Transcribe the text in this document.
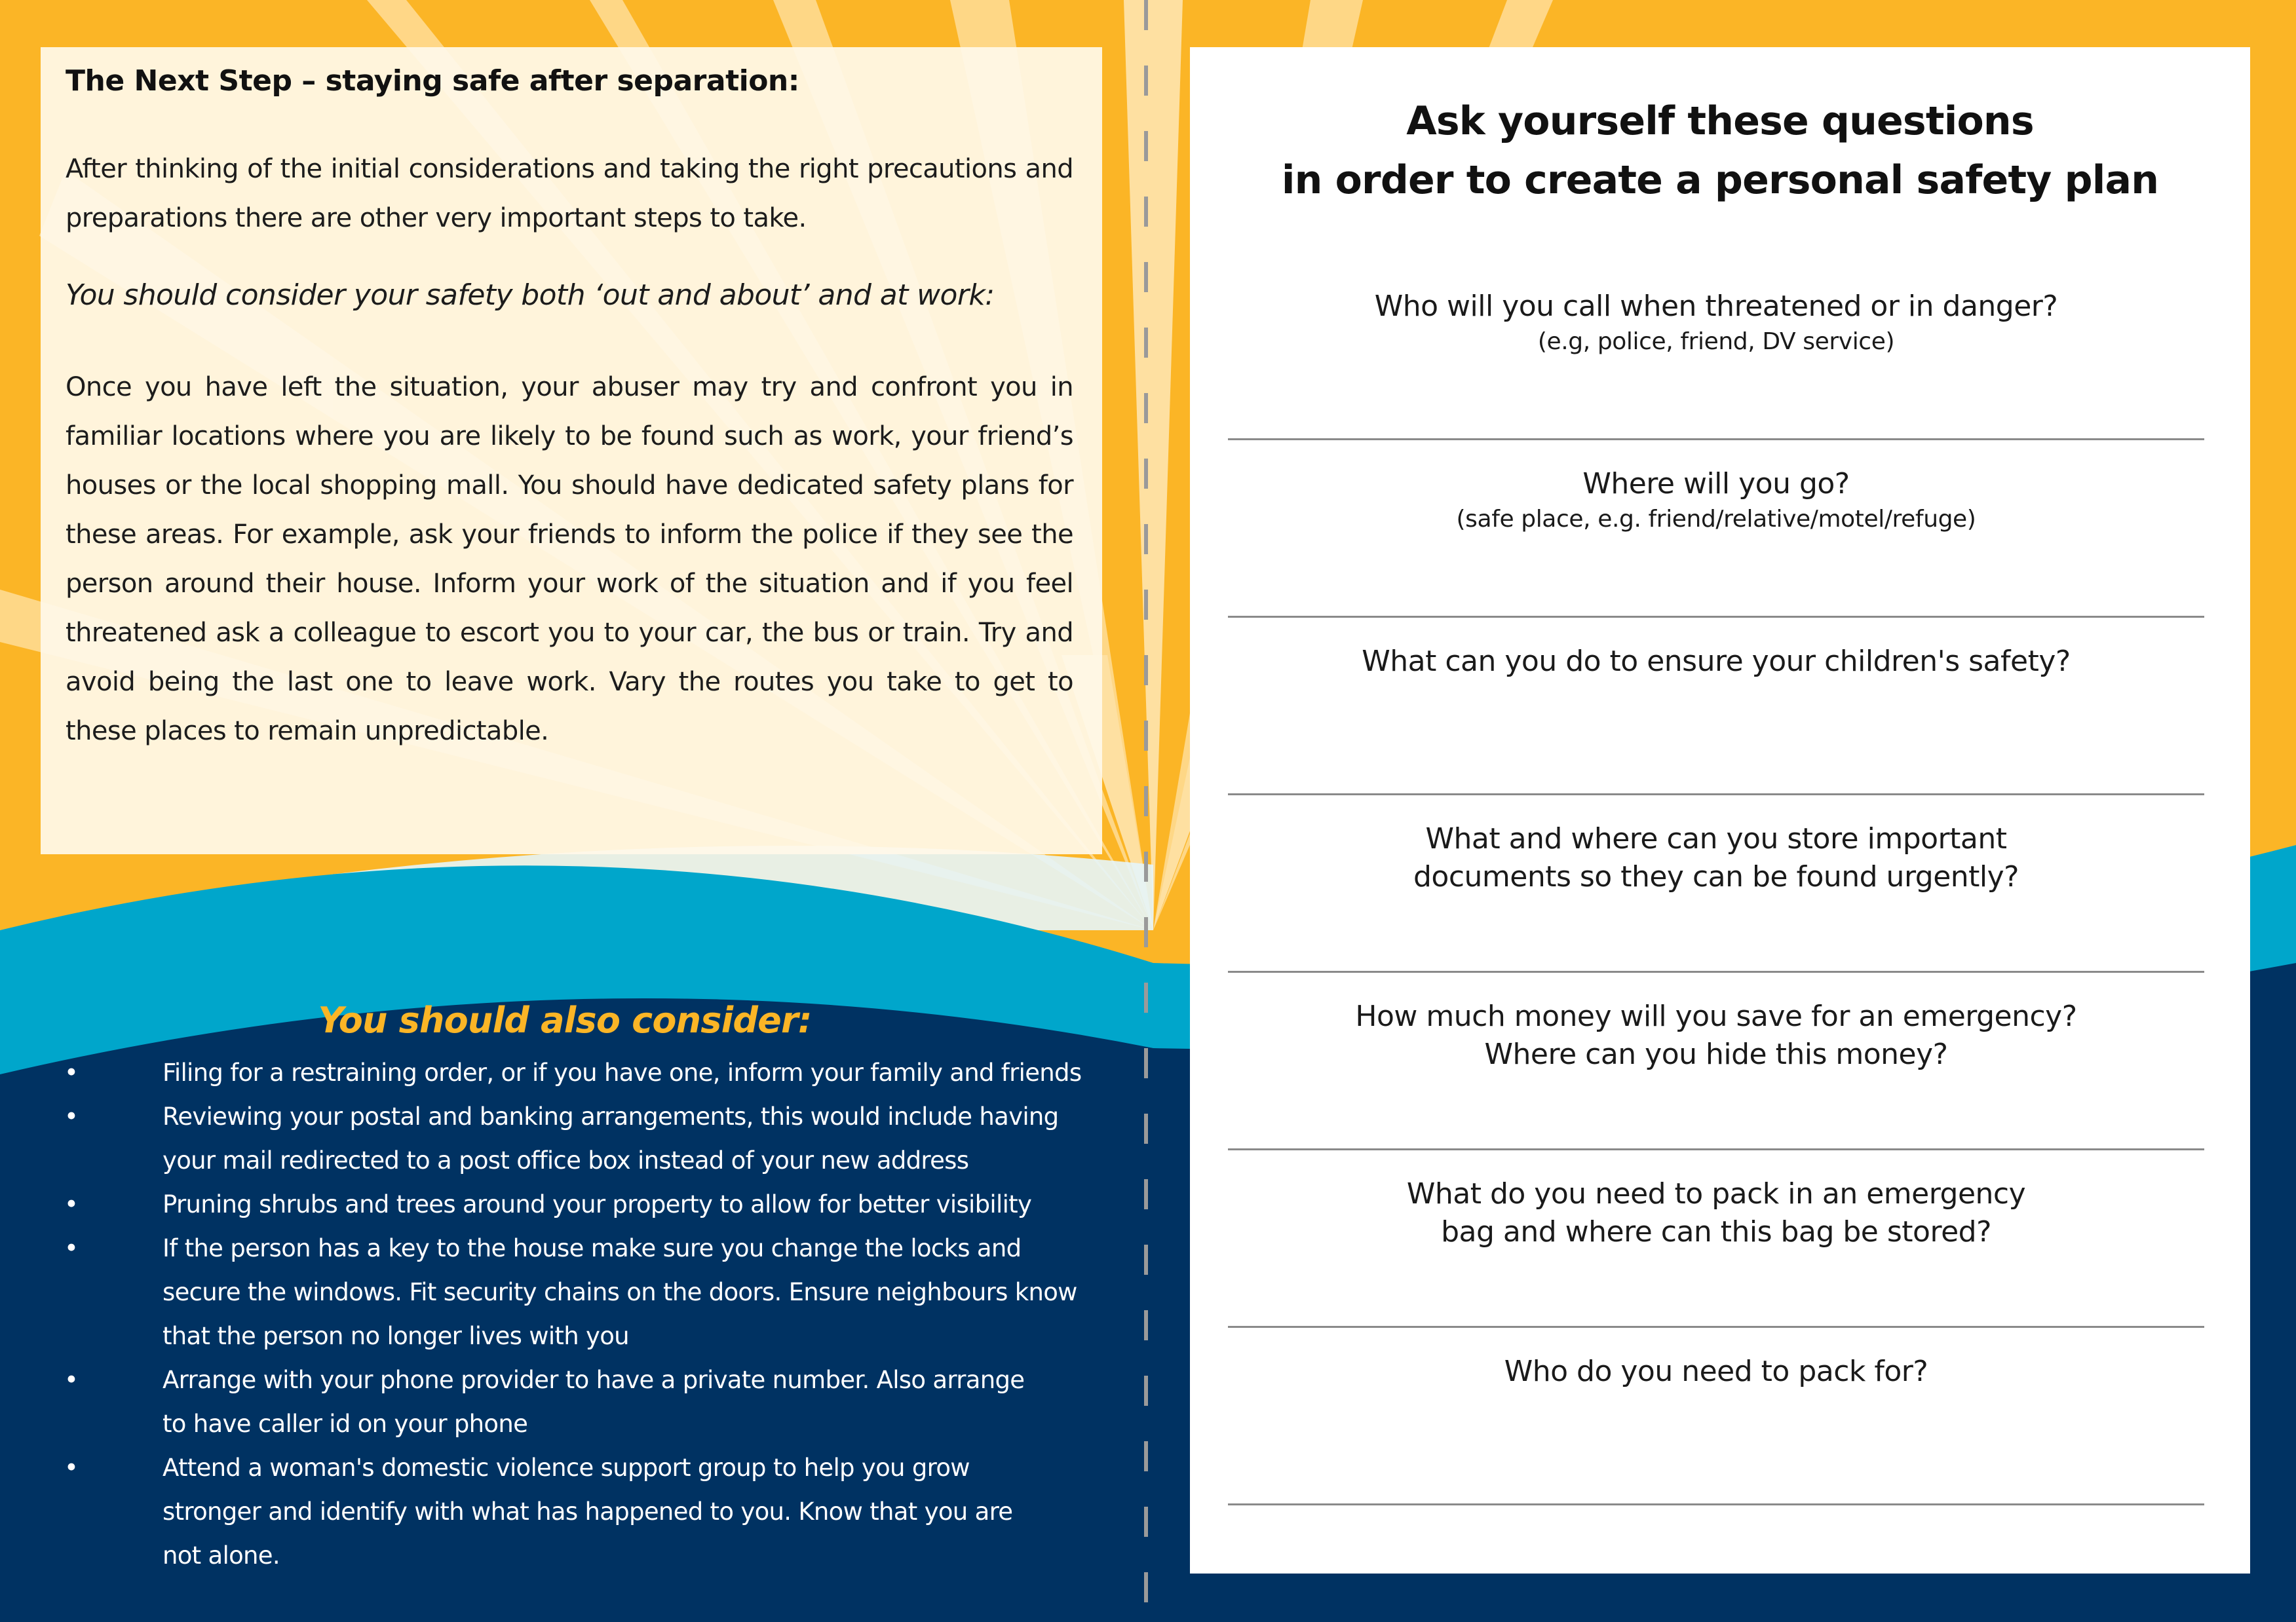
The Next Step – staying safe after separation:

After thinking of the initial considerations and taking the right precautions and preparations there are other very important steps to take.

You should consider your safety both ‘out and about’ and at work:

Once you have left the situation, your abuser may try and confront you in familiar locations where you are likely to be found such as work, your friend’s houses or the local shopping mall. You should have dedicated safety plans for these areas. For example, ask your friends to inform the police if they see the person around their house. Inform your work of the situation and if you feel threatened ask a colleague to escort you to your car, the bus or train. Try and avoid being the last one to leave work. Vary the routes you take to get to these places to remain unpredictable.

You should also consider:
•	Filing for a restraining order, or if you have one, inform your family and friends
•	Reviewing your postal and banking arrangements, this would include having
your mail redirected to a post office box instead of your new address
•	Pruning shrubs and trees around your property to allow for better visibility
•	If the person has a key to the house make sure you change the locks and
secure the windows. Fit security chains on the doors. Ensure neighbours know
that the person no longer lives with you
•	Arrange with your phone provider to have a private number. Also arrange
to have caller id on your phone
•	Attend a woman's domestic violence support group to help you grow
stronger and identify with what has happened to you. Know that you are
not alone.
Ask yourself these questions
in order to create a personal safety plan
Who will you call when threatened or in danger?
(e.g, police, friend, DV service)
Where will you go?
(safe place, e.g. friend/relative/motel/refuge)
What can you do to ensure your children's safety?
What and where can you store important
documents so they can be found urgently?
How much money will you save for an emergency?
Where can you hide this money?
What do you need to pack in an emergency
bag and where can this bag be stored?
Who do you need to pack for?
